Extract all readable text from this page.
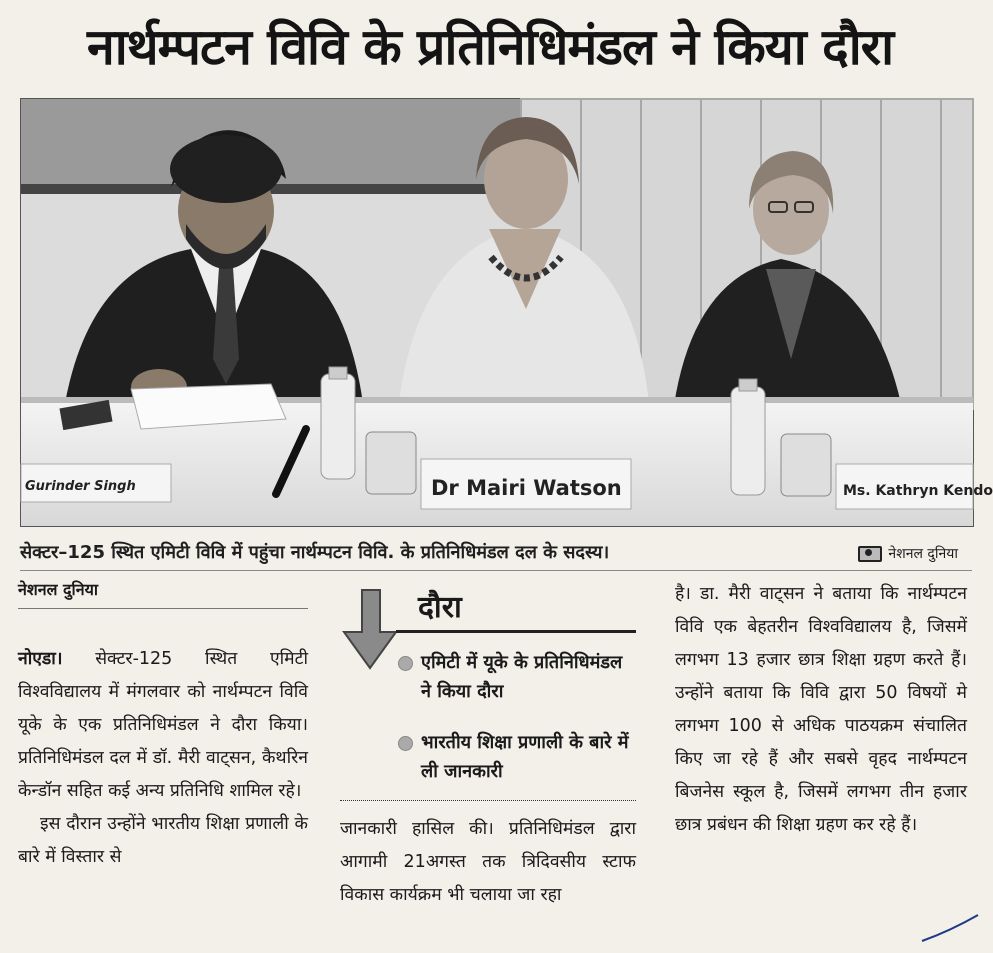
नार्थम्पटन विवि के प्रतिनिधिमंडल ने किया दौरा
Gurinder Singh	Dr Mairi Watson	Ms. Kathryn Kendo
सेक्टर–125 स्थित एमिटी विवि में पहुंचा नार्थम्पटन विवि. के प्रतिनिधिमंडल दल के सदस्य।	नेशनल दुनिया
नेशनल दुनिया

नोएडा। सेक्टर-125 स्थित एमिटी विश्वविद्यालय में मंगलवार को नार्थम्पटन विवि यूके के एक प्रतिनिधिमंडल ने दौरा किया। प्रतिनिधिमंडल दल में डॉ. मैरी वाट्सन, कैथरिन केन्डॉन सहित कई अन्य प्रतिनिधि शामिल रहे।

इस दौरान उन्होंने भारतीय शिक्षा प्रणाली के बारे में विस्तार से

दौरा
एमिटी में यूके के प्रतिनिधिमंडल ने किया दौरा
भारतीय शिक्षा प्रणाली के बारे में ली जानकारी

जानकारी हासिल की। प्रतिनिधिमंडल द्वारा आगामी 21अगस्त तक त्रिदिवसीय स्टाफ विकास कार्यक्रम भी चलाया जा रहा

है। डा. मैरी वाट्सन ने बताया कि नार्थम्पटन विवि एक बेहतरीन विश्वविद्यालय है, जिसमें लगभग 13 हजार छात्र शिक्षा ग्रहण करते हैं। उन्होंने बताया कि विवि द्वारा 50 विषयों मे लगभग 100 से अधिक पाठयक्रम संचालित किए जा रहे हैं और सबसे वृहद नार्थम्पटन बिजनेस स्कूल है, जिसमें लगभग तीन हजार छात्र प्रबंधन की शिक्षा ग्रहण कर रहे हैं।
